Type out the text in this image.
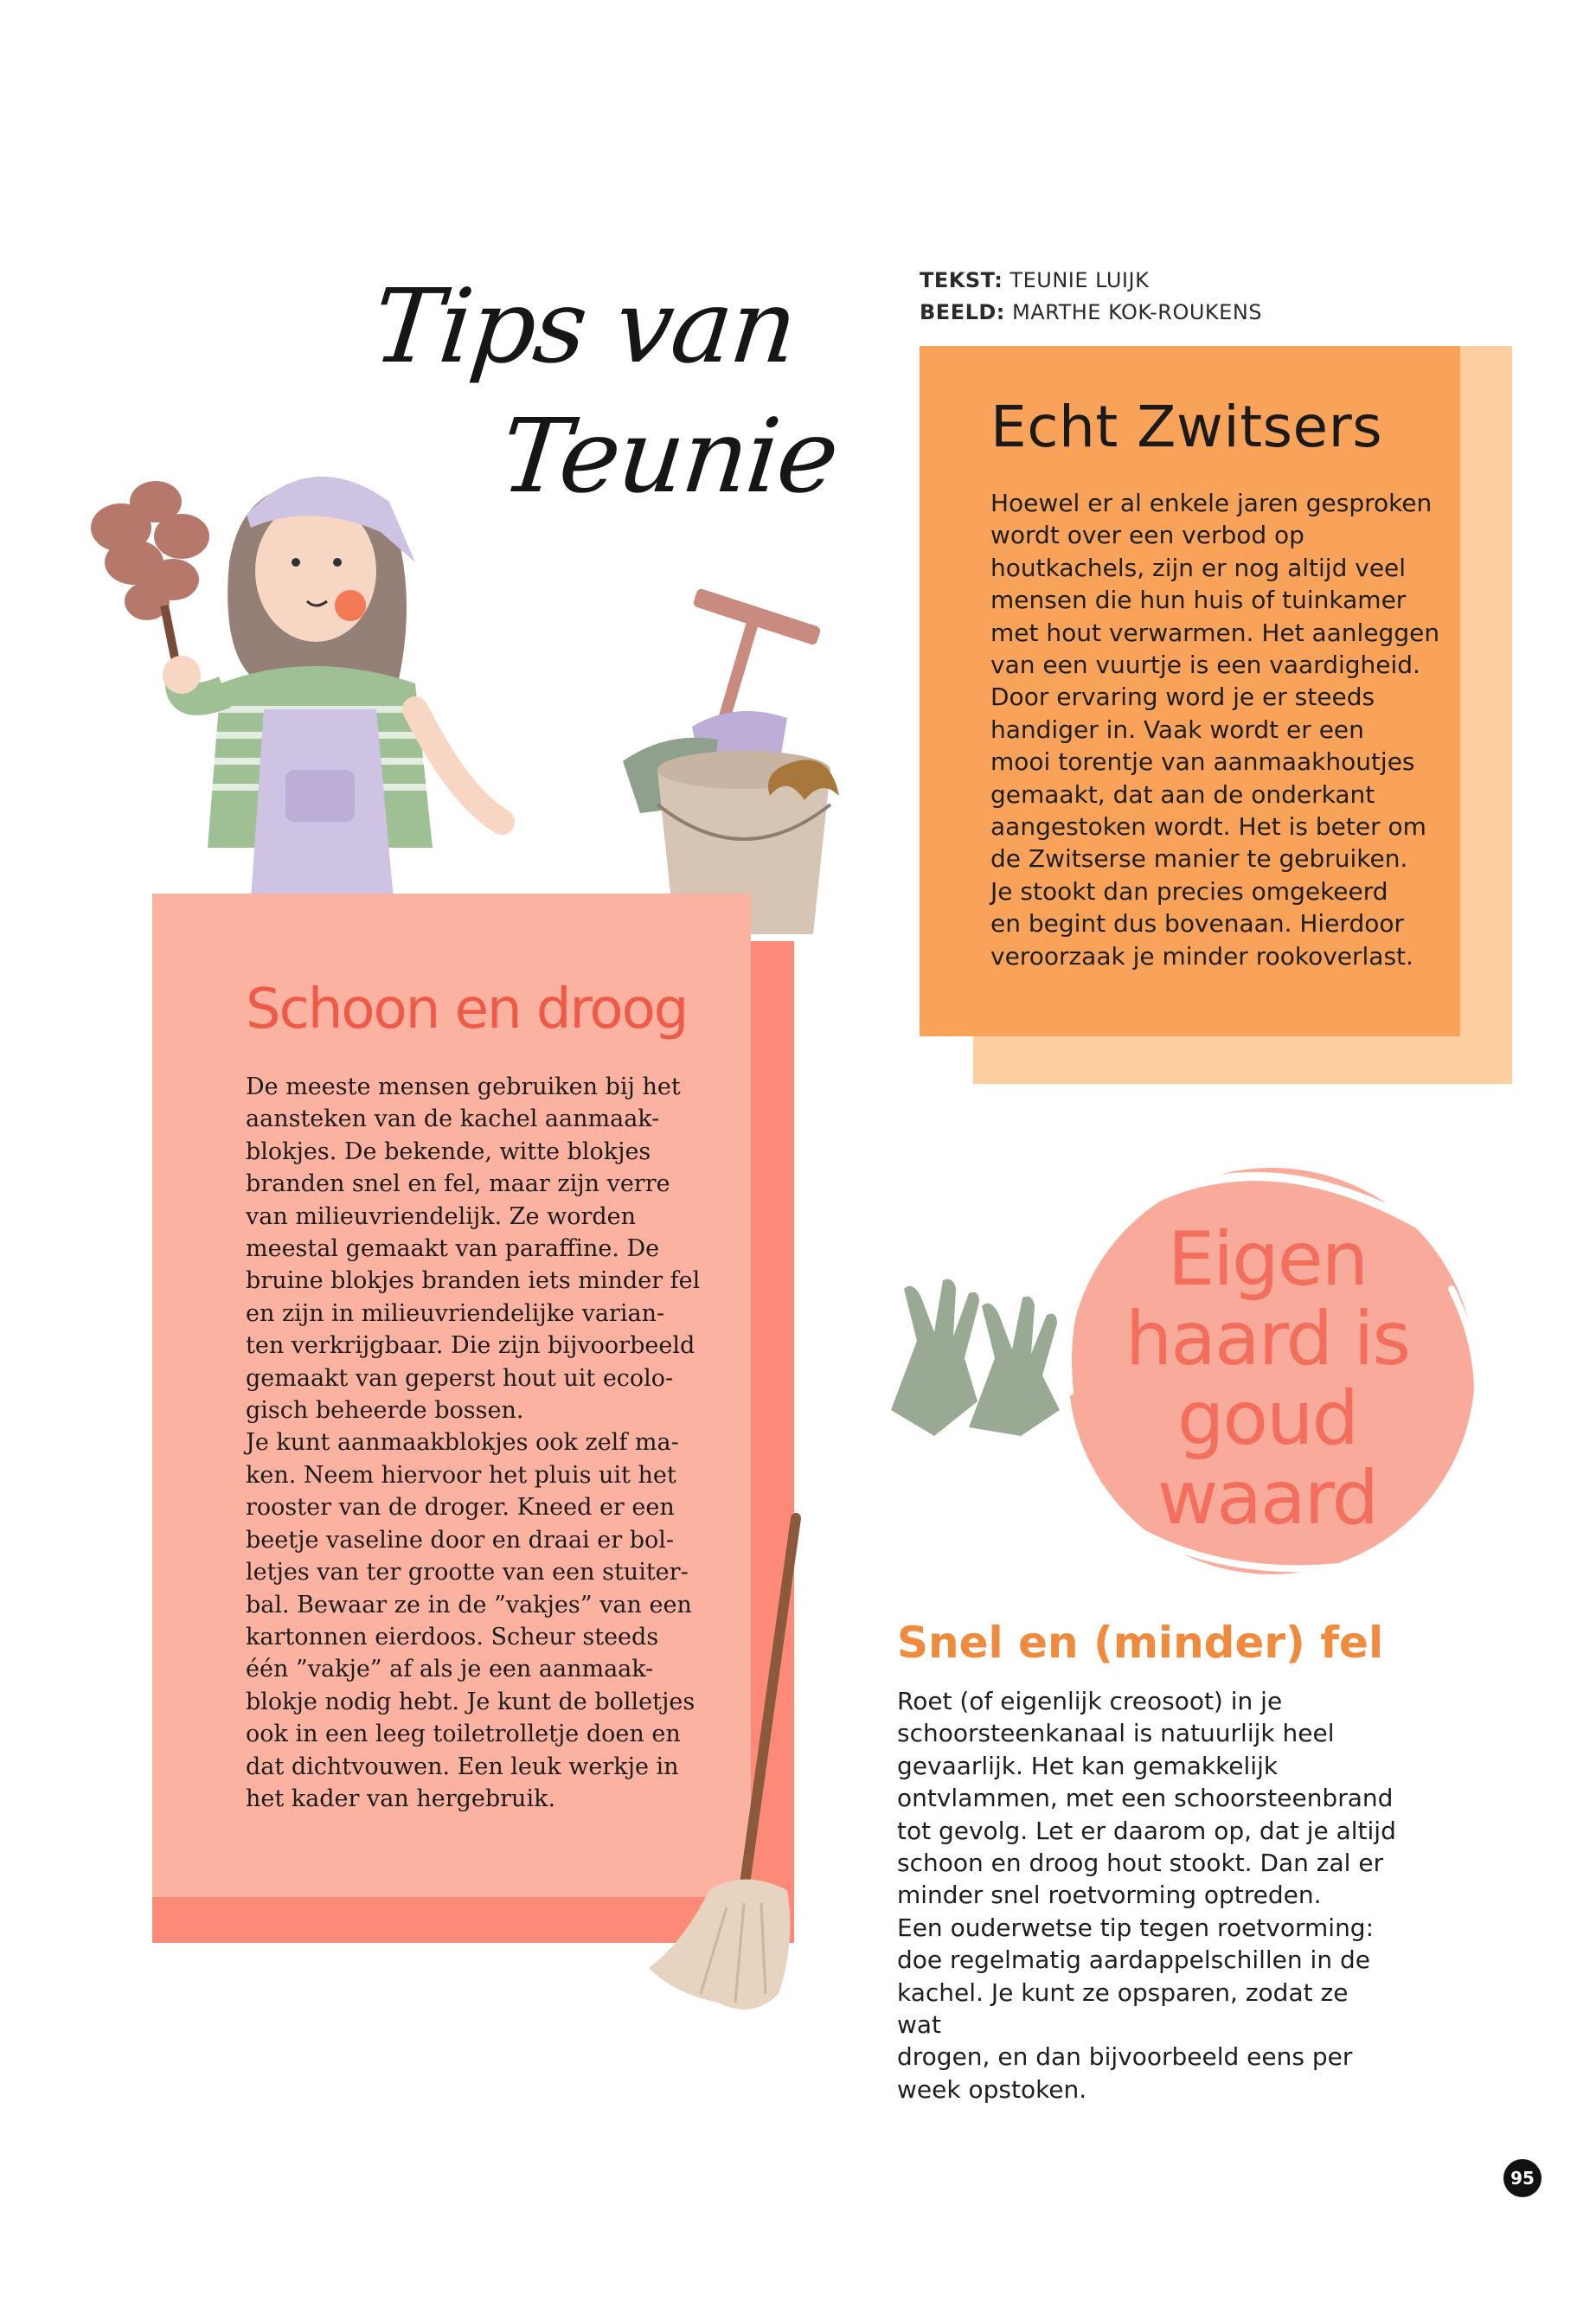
Tips van
Teunie
TEKST: TEUNIE LUIJK
BEELD: MARTHE KOK-ROUKENS
Echt Zwitsers
Hoewel er al enkele jaren gesproken
wordt over een verbod op
houtkachels, zijn er nog altijd veel
mensen die hun huis of tuinkamer
met hout verwarmen. Het aanleggen
van een vuurtje is een vaardigheid.
Door ervaring word je er steeds
handiger in. Vaak wordt er een
mooi torentje van aanmaakhoutjes
gemaakt, dat aan de onderkant
aangestoken wordt. Het is beter om
de Zwitserse manier te gebruiken.
Je stookt dan precies omgekeerd
en begint dus bovenaan. Hierdoor
veroorzaak je minder rookoverlast.
Schoon en droog
De meeste mensen gebruiken bij het
aansteken van de kachel aanmaak-
blokjes. De bekende, witte blokjes
branden snel en fel, maar zijn verre
van milieuvriendelijk. Ze worden
meestal gemaakt van paraffine. De
bruine blokjes branden iets minder fel
en zijn in milieuvriendelijke varian-
ten verkrijgbaar. Die zijn bijvoorbeeld
gemaakt van geperst hout uit ecolo-
gisch beheerde bossen.
Je kunt aanmaakblokjes ook zelf ma-
ken. Neem hiervoor het pluis uit het
rooster van de droger. Kneed er een
beetje vaseline door en draai er bol-
letjes van ter grootte van een stuiter-
bal. Bewaar ze in de ”vakjes” van een
kartonnen eierdoos. Scheur steeds
één ”vakje” af als je een aanmaak-
blokje nodig hebt. Je kunt de bolletjes
ook in een leeg toiletrolletje doen en
dat dichtvouwen. Een leuk werkje in
het kader van hergebruik.
Eigen
haard is
goud waard
Snel en (minder) fel
Roet (of eigenlijk creosoot) in je
schoorsteenkanaal is natuurlijk heel
gevaarlijk. Het kan gemakkelijk
ontvlammen, met een schoorsteenbrand
tot gevolg. Let er daarom op, dat je altijd
schoon en droog hout stookt. Dan zal er
minder snel roetvorming optreden.
Een ouderwetse tip tegen roetvorming:
doe regelmatig aardappelschillen in de
kachel. Je kunt ze opsparen, zodat ze wat
drogen, en dan bijvoorbeeld eens per
week opstoken.
95
